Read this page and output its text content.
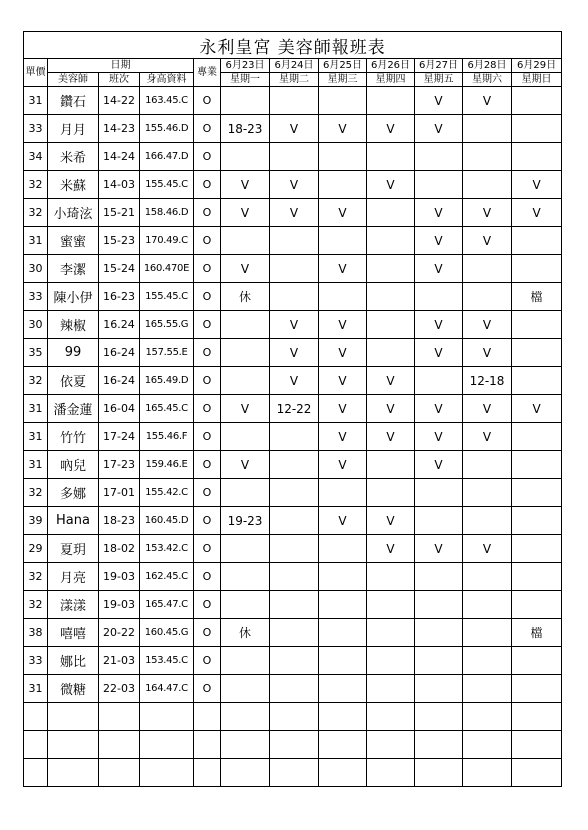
永利皇宮 美容師報班表											
單價	日期			專業	6月23日	6月24日	6月25日	6月26日	6月27日	6月28日	6月29日
	美容師	班次	身高資料		星期一	星期二	星期三	星期四	星期五	星期六	星期日
31	鑽石	14-22	163.45.C	O					V	V	
33	月月	14-23	155.46.D	O	18-23	V	V	V	V		
34	米希	14-24	166.47.D	O							
32	米蘇	14-03	155.45.C	O	V	V		V			V
32	小琦泫	15-21	158.46.D	O	V	V	V		V	V	V
31	蜜蜜	15-23	170.49.C	O					V	V	
30	李潔	15-24	160.470E	O	V		V		V		
33	陳小伊	16-23	155.45.C	O	休						檔
30	辣椒	16.24	165.55.G	O		V	V		V	V	
35	99	16-24	157.55.E	O		V	V		V	V	
32	依夏	16-24	165.49.D	O		V	V	V		12-18	
31	潘金蓮	16-04	165.45.C	O	V	12-22	V	V	V	V	V
31	竹竹	17-24	155.46.F	O			V	V	V	V	
31	吶兒	17-23	159.46.E	O	V		V		V		
32	多娜	17-01	155.42.C	O							
39	Hana	18-23	160.45.D	O	19-23		V	V			
29	夏玥	18-02	153.42.C	O				V	V	V	
32	月亮	19-03	162.45.C	O							
32	漾漾	19-03	165.47.C	O							
38	嘻嘻	20-22	160.45.G	O	休						檔
33	娜比	21-03	153.45.C	O							
31	微糖	22-03	164.47.C	O							
